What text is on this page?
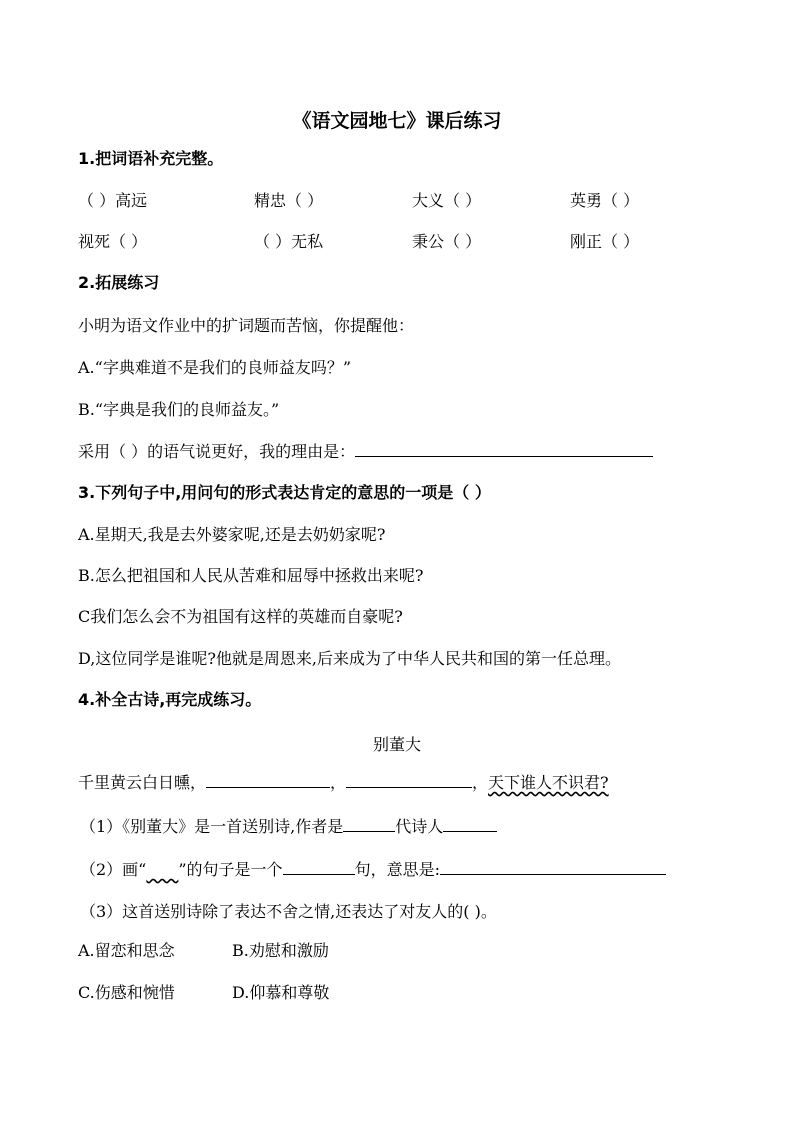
《语文园地七》课后练习
1.把词语补充完整。
（ ）高远	精忠（ ）	大义（ ）	英勇（ ）
视死（ ）	（ ）无私	秉公（ ）	刚正（ ）
2.拓展练习
小明为语文作业中的扩词题而苦恼，你提醒他：
A.“字典难道不是我们的良师益友吗？”
B.“字典是我们的良师益友。”
采用（ ）的语气说更好，我的理由是：
3.下列句子中,用问句的形式表达肯定的意思的一项是（ ）
A.星期天,我是去外婆家呢,还是去奶奶家呢?
B.怎么把祖国和人民从苦难和屈辱中拯救出来呢?
C我们怎么会不为祖国有这样的英雄而自豪呢?
D,这位同学是谁呢?他就是周恩来,后来成为了中华人民共和国的第一任总理。
4.补全古诗,再完成练习。
别董大
千里黄云白日曛，	，	，天下谁人不识君?
（1）《别董大》是一首送别诗,作者是	代诗人
（2）画“ ”的句子是一个	句，意思是:
（3）这首送别诗除了表达不舍之情,还表达了对友人的( )。
A.留恋和思念	B.劝慰和激励
C.伤感和惋惜	D.仰慕和尊敬
